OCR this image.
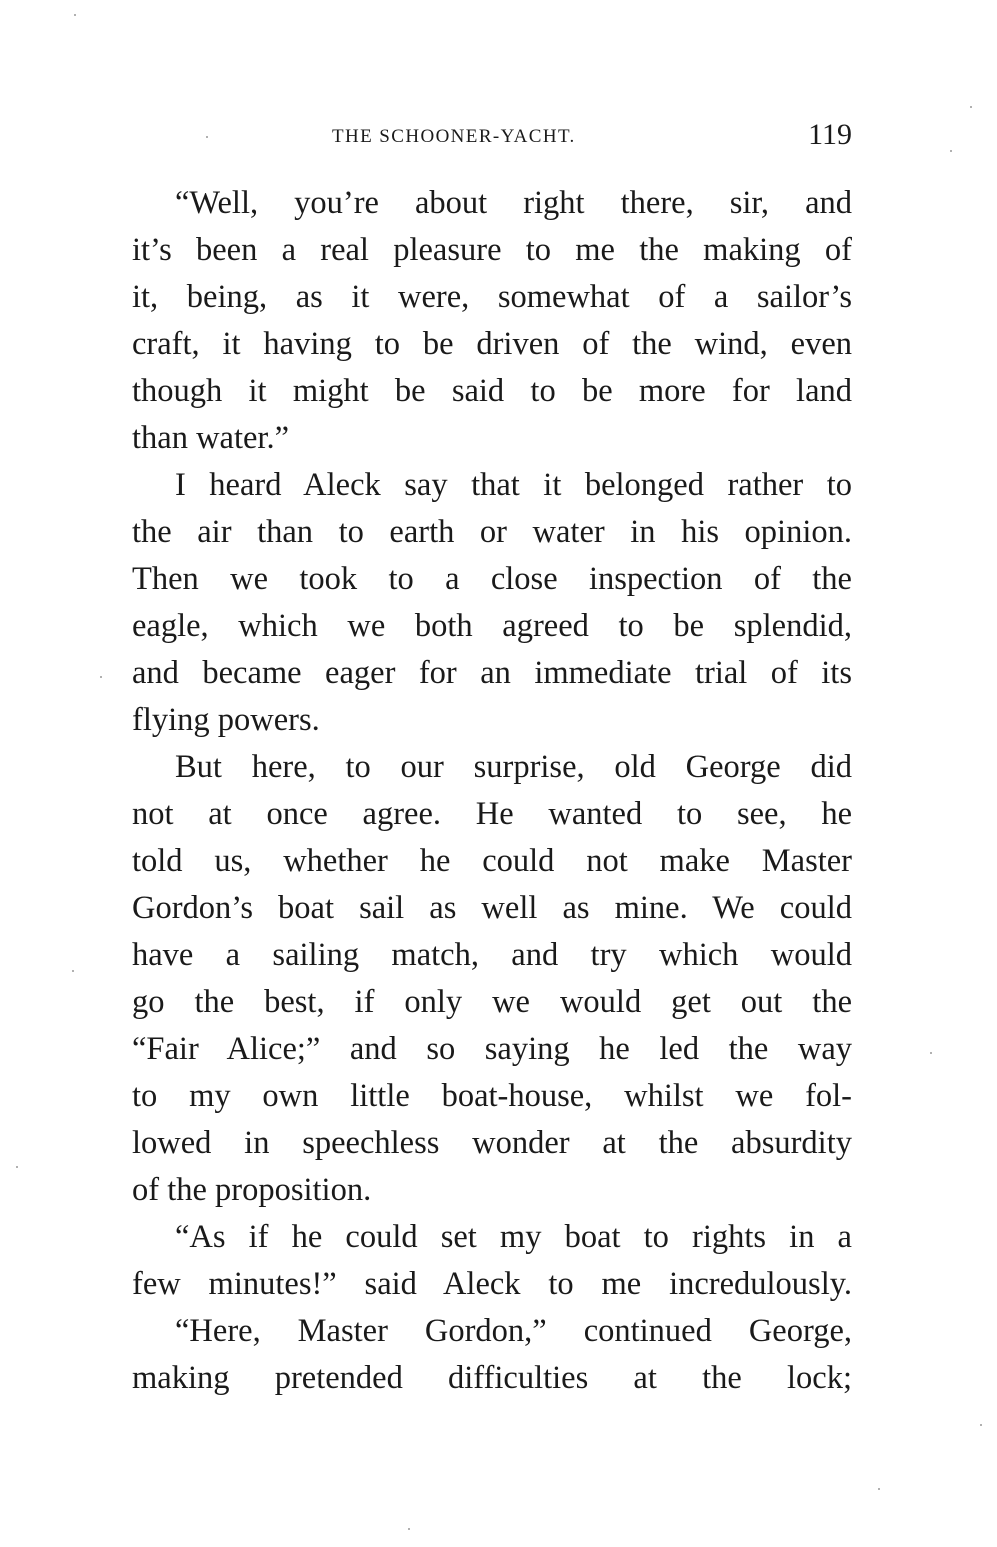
THE SCHOONER-YACHT.	119
“Well, you’re about right there, sir, and
it’s been a real pleasure to me the making of
it, being, as it were, somewhat of a sailor’s
craft, it having to be driven of the wind, even
though it might be said to be more for land
than water.”
I heard Aleck say that it belonged rather to
the air than to earth or water in his opinion.
Then we took to a close inspection of the
eagle, which we both agreed to be splendid,
and became eager for an immediate trial of its
flying powers.
But here, to our surprise, old George did
not at once agree. He wanted to see, he
told us, whether he could not make Master
Gordon’s boat sail as well as mine. We could
have a sailing match, and try which would
go the best, if only we would get out the
“Fair Alice;” and so saying he led the way
to my own little boat-house, whilst we fol-
lowed in speechless wonder at the absurdity
of the proposition.
“As if he could set my boat to rights in a
few minutes!” said Aleck to me incredulously.
“Here, Master Gordon,” continued George,
making pretended difficulties at the lock;
